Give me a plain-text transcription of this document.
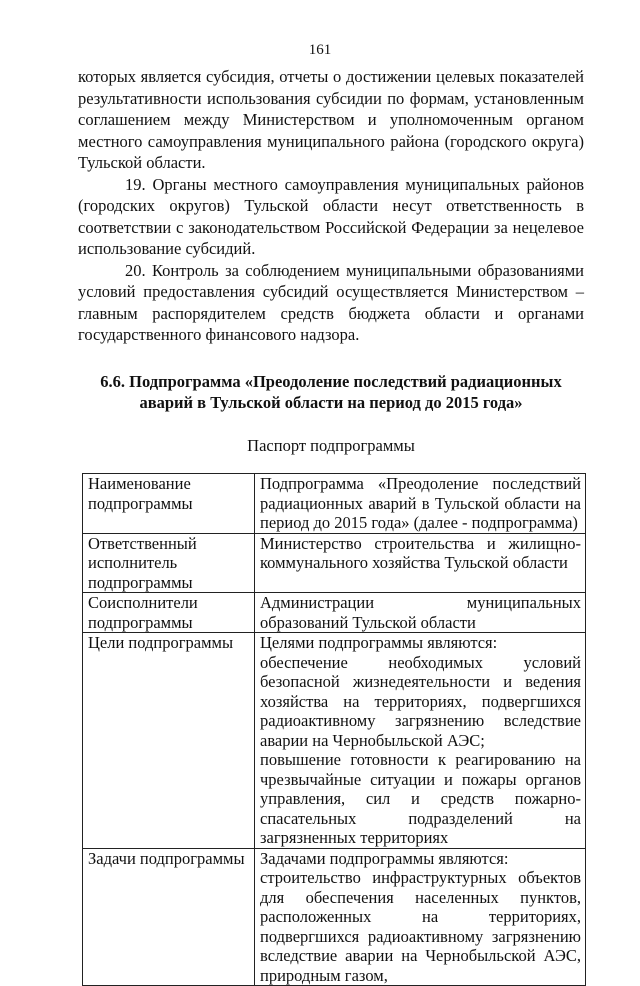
161

которых является субсидия, отчеты о достижении целевых показателей результативности использования субсидии по формам, установленным соглашением между Министерством и уполномоченным органом местного самоуправления муниципального района (городского округа) Тульской области.

19. Органы местного самоуправления муниципальных районов (городских округов) Тульской области несут ответственность в соответствии с законодательством Российской Федерации за нецелевое использование субсидий.

20. Контроль за соблюдением муниципальными образованиями условий предоставления субсидий осуществляется Министерством – главным распорядителем средств бюджета области и органами государственного финансового надзора.

6.6. Подпрограмма «Преодоление последствий радиационных аварий в Тульской области на период до 2015 года»
Паспорт подпрограммы
Наименование подпрограммы	Подпрограмма «Преодоление последствий радиационных аварий в Тульской области на период до 2015 года» (далее - подпрограмма)

Ответственный исполнитель подпрограммы	Министерство строительства и жилищно-коммунального хозяйства Тульской области

Соисполнители подпрограммы	Администрации муниципальных образований Тульской области

Цели подпрограммы	Целями подпрограммы являются:
обеспечение необходимых условий безопасной жизнедеятельности и ведения хозяйства на территориях, подвергшихся радиоактивному загрязнению вследствие аварии на Чернобыльской АЭС;
повышение готовности к реагированию на чрезвычайные ситуации и пожары органов управления, сил и средств пожарно-спасательных подразделений на загрязненных территориях

Задачи подпрограммы	Задачами подпрограммы являются:
строительство инфраструктурных объектов для обеспечения населенных пунктов, расположенных на территориях, подвергшихся радиоактивному загрязнению вследствие аварии на Чернобыльской АЭС, природным газом,
